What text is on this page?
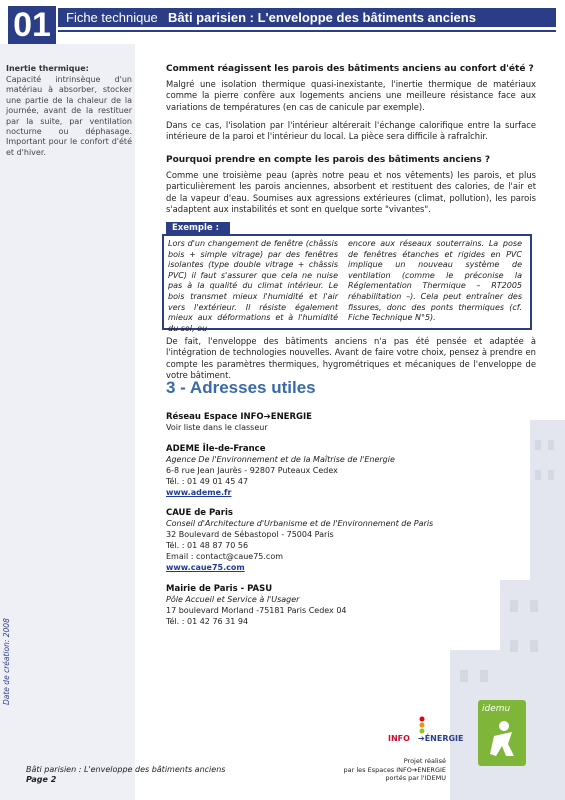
01	Fiche technique Bâti parisien : L'enveloppe des bâtiments anciens
Inertie thermique:
Capacité intrinsèque d'un matériau à absorber, stocker une partie de la chaleur de la journée, avant de la restituer par la suite, par ventilation nocturne ou déphasage. Important pour le confort d'été et d'hiver.
Date de création: 2008
Comment réagissent les parois des bâtiments anciens au confort d'été ?
Malgré une isolation thermique quasi-inexistante, l'inertie thermique de matériaux comme la pierre confère aux logements anciens une meilleure résistance face aux variations de températures (en cas de canicule par exemple).
Dans ce cas, l'isolation par l'intérieur altérerait l'échange calorifique entre la surface intérieure de la paroi et l'intérieur du local. La pièce sera difficile à rafraîchir.
Pourquoi prendre en compte les parois des bâtiments anciens ?
Comme une troisième peau (après notre peau et nos vêtements) les parois, et plus particulièrement les parois anciennes, absorbent et restituent des calories, de l'air et de la vapeur d'eau. Soumises aux agressions extérieures (climat, pollution), les parois s'adaptent aux instabilités et sont en quelque sorte "vivantes".
Exemple :
Lors d'un changement de fenêtre (châssis bois + simple vitrage) par des fenêtres isolantes (type double vitrage + châssis PVC) il faut s'assurer que cela ne nuise pas à la qualité du climat intérieur. Le bois transmet mieux l'humidité et l'air vers l'extérieur. Il résiste également mieux aux déformations et à l'humidité du sol, ou
encore aux réseaux souterrains. La pose de fenêtres étanches et rigides en PVC implique un nouveau système de ventilation (comme le préconise la Réglementation Thermique – RT2005 réhabilitation –). Cela peut entraîner des fissures, donc des ponts thermiques (cf. Fiche Technique N°5).
De fait, l'enveloppe des bâtiments anciens n'a pas été pensée et adaptée à l'intégration de technologies nouvelles. Avant de faire votre choix, pensez à prendre en compte les paramètres thermiques, hygrométriques et mécaniques de l'enveloppe de votre bâtiment.
3 - Adresses utiles
Réseau Espace INFO➔ENERGIE
Voir liste dans le classeur
ADEME Île-de-France
Agence De l'Environnement et de la Maîtrise de l'Energie
6-8 rue Jean Jaurès - 92807 Puteaux Cedex
Tél. : 01 49 01 45 47
www.ademe.fr
CAUE de Paris
Conseil d'Architecture d'Urbanisme et de l'Environnement de Paris
32 Boulevard de Sébastopol - 75004 Paris
Tél. : 01 48 87 70 56
Email : contact@caue75.com
www.caue75.com
Mairie de Paris - PASU
Pôle Accueil et Service à l'Usager
17 boulevard Morland -75181 Paris Cedex 04
Tél. : 01 42 76 31 94
Bâti parisien : L'enveloppe des bâtiments anciens
Page 2
Projet réalisé
par les Espaces INFO➔ENERGIE
portés par l'IDEMU
INFO ➔ÉNERGIE
idemu
